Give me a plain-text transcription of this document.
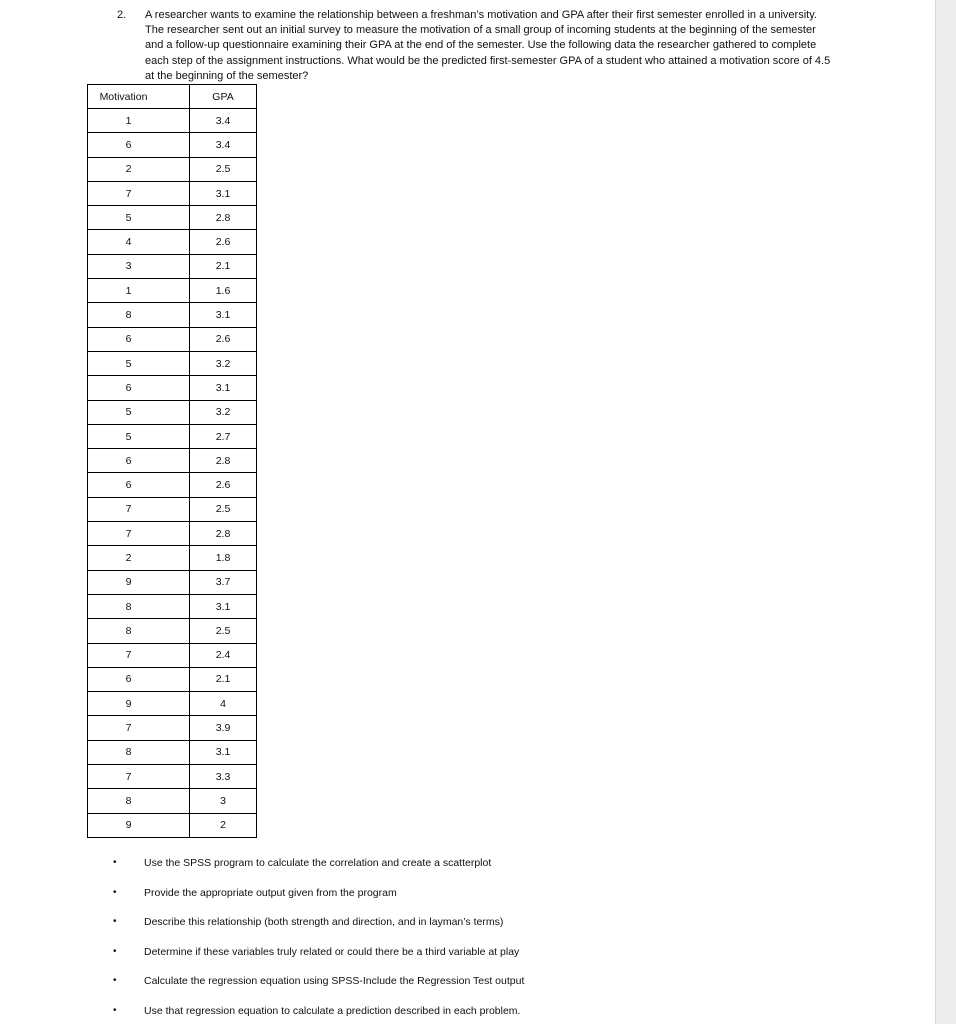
2. A researcher wants to examine the relationship between a freshman’s motivation and GPA after their first semester enrolled in a university. The researcher sent out an initial survey to measure the motivation of a small group of incoming students at the beginning of the semester and a follow-up questionnaire examining their GPA at the end of the semester. Use the following data the researcher gathered to complete each step of the assignment instructions. What would be the predicted first-semester GPA of a student who attained a motivation score of 4.5 at the beginning of the semester?
Motivation	GPA
1	3.4
6	3.4
2	2.5
7	3.1
5	2.8
4	2.6
3	2.1
1	1.6
8	3.1
6	2.6
5	3.2
6	3.1
5	3.2
5	2.7
6	2.8
6	2.6
7	2.5
7	2.8
2	1.8
9	3.7
8	3.1
8	2.5
7	2.4
6	2.1
9	4
7	3.9
8	3.1
7	3.3
8	3
9	2
•	Use the SPSS program to calculate the correlation and create a scatterplot
•	Provide the appropriate output given from the program
•	Describe this relationship (both strength and direction, and in layman’s terms)
•	Determine if these variables truly related or could there be a third variable at play
•	Calculate the regression equation using SPSS-Include the Regression Test output
•	Use that regression equation to calculate a prediction described in each problem.
